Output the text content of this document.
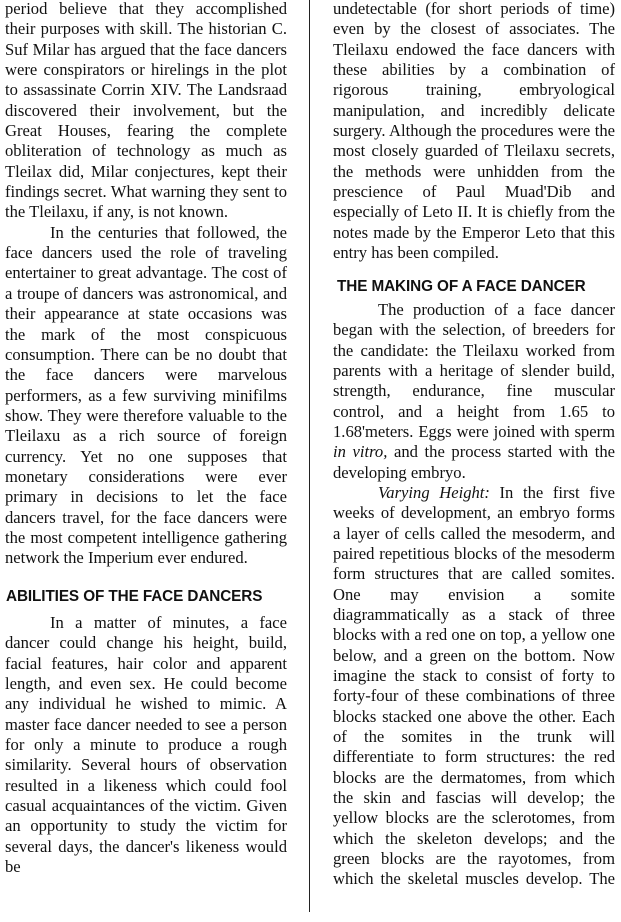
period believe that they accomplished their purposes with skill. The historian C. Suf Milar has argued that the face dancers were conspirators or hirelings in the plot to assassinate Corrin XIV. The Landsraad discovered their involvement, but the Great Houses, fearing the complete obliteration of technology as much as Tleilax did, Milar conjectures, kept their findings secret. What warning they sent to the Tleilaxu, if any, is not known.

In the centuries that followed, the face dancers used the role of traveling entertainer to great advantage. The cost of a troupe of dancers was astronomical, and their appearance at state occasions was the mark of the most conspicuous consumption. There can be no doubt that the face dancers were marvelous performers, as a few surviving minifilms show. They were therefore valuable to the Tleilaxu as a rich source of foreign currency. Yet no one supposes that monetary considerations were ever primary in decisions to let the face dancers travel, for the face dancers were the most competent intelligence gathering network the Imperium ever endured.

ABILITIES OF THE FACE DANCERS

In a matter of minutes, a face dancer could change his height, build, facial features, hair color and apparent length, and even sex. He could become any individual he wished to mimic. A master face dancer needed to see a person for only a minute to produce a rough similarity. Several hours of observation resulted in a likeness which could fool casual acquaintances of the victim. Given an opportunity to study the victim for several days, the dancer's likeness would be

undetectable (for short periods of time) even by the closest of associates. The Tleilaxu endowed the face dancers with these abilities by a combination of rigorous training, embryological manipulation, and incredibly delicate surgery. Although the procedures were the most closely guarded of Tleilaxu secrets, the methods were unhidden from the prescience of Paul Muad'Dib and especially of Leto II. It is chiefly from the notes made by the Emperor Leto that this entry has been compiled.

THE MAKING OF A FACE DANCER

The production of a face dancer began with the selection, of breeders for the candidate: the Tleilaxu worked from parents with a heritage of slender build, strength, endurance, fine muscular control, and a height from 1.65 to 1.68'meters. Eggs were joined with sperm in vitro, and the process started with the developing embryo.

Varying Height: In the first five weeks of development, an embryo forms a layer of cells called the mesoderm, and paired repetitious blocks of the mesoderm form structures that are called somites. One may envision a somite diagrammatically as a stack of three blocks with a red one on top, a yellow one below, and a green on the bottom. Now imagine the stack to consist of forty to forty-four of these combinations of three blocks stacked one above the other. Each of the somites in the trunk will differentiate to form structures: the red blocks are the dermatomes, from which the skin and fascias will develop; the yellow blocks are the sclerotomes, from which the skeleton develops; and the green blocks are the rayotomes, from which the skeletal muscles develop. The
